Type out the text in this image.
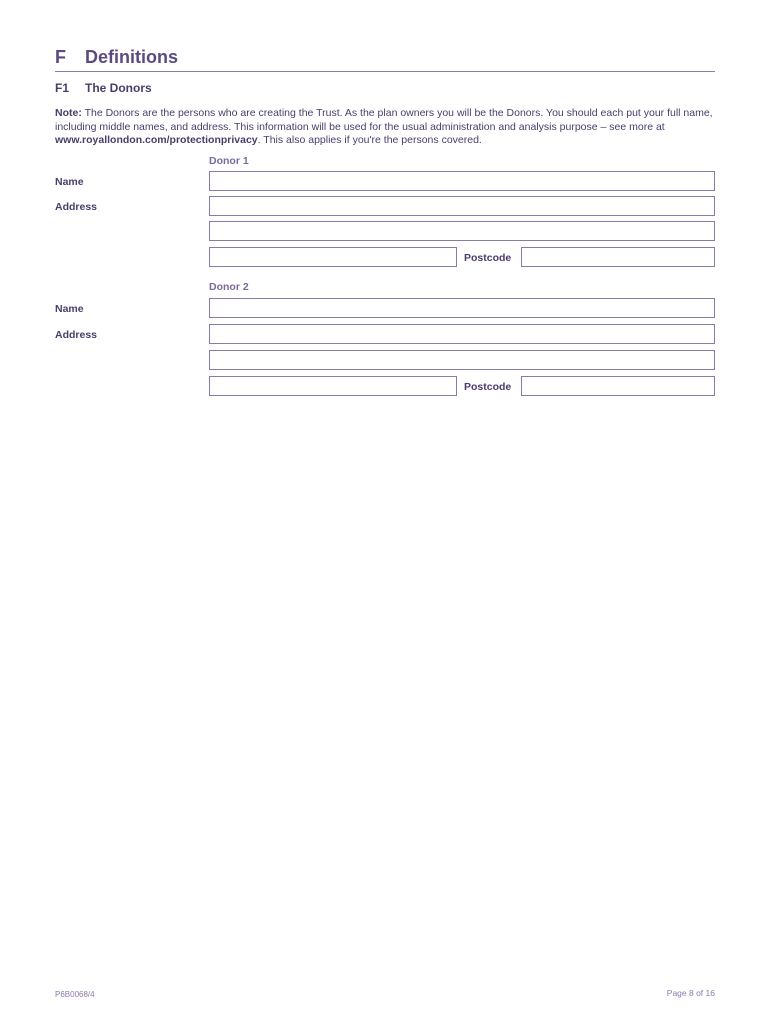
F Definitions
F1 The Donors
Note: The Donors are the persons who are creating the Trust. As the plan owners you will be the Donors. You should each put your full name, including middle names, and address. This information will be used for the usual administration and analysis purpose – see more at www.royallondon.com/protectionprivacy. This also applies if you're the persons covered.
Donor 1
Name
Address
Postcode
Donor 2
Name
Address
Postcode
P6B0068/4	Page 8 of 16
